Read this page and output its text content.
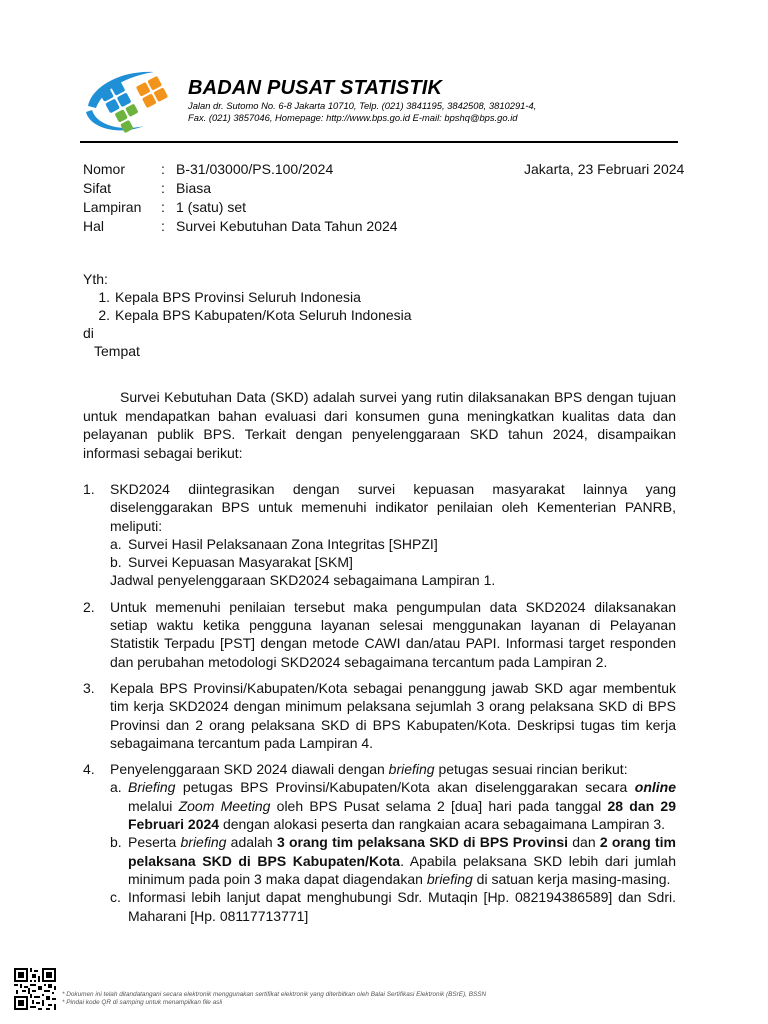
BADAN PUSAT STATISTIK
Jalan dr. Sutomo No. 6-8 Jakarta 10710, Telp. (021) 3841195, 3842508, 3810291-4,
Fax. (021) 3857046, Homepage: http://www.bps.go.id E-mail: bpshq@bps.go.id
Nomor	: B-31/03000/PS.100/2024
Sifat	: Biasa
Lampiran	: 1 (satu) set
Hal	: Survei Kebutuhan Data Tahun 2024
Jakarta, 23 Februari 2024
Yth:
1. Kepala BPS Provinsi Seluruh Indonesia
2. Kepala BPS Kabupaten/Kota Seluruh Indonesia
di
Tempat
Survei Kebutuhan Data (SKD) adalah survei yang rutin dilaksanakan BPS dengan tujuan untuk mendapatkan bahan evaluasi dari konsumen guna meningkatkan kualitas data dan pelayanan publik BPS. Terkait dengan penyelenggaraan SKD tahun 2024, disampaikan informasi sebagai berikut:
1.	SKD2024 diintegrasikan dengan survei kepuasan masyarakat lainnya yang diselenggarakan BPS untuk memenuhi indikator penilaian oleh Kementerian PANRB, meliputi:
a. Survei Hasil Pelaksanaan Zona Integritas [SHPZI]
b. Survei Kepuasan Masyarakat [SKM]
Jadwal penyelenggaraan SKD2024 sebagaimana Lampiran 1.
2.	Untuk memenuhi penilaian tersebut maka pengumpulan data SKD2024 dilaksanakan setiap waktu ketika pengguna layanan selesai menggunakan layanan di Pelayanan Statistik Terpadu [PST] dengan metode CAWI dan/atau PAPI. Informasi target responden dan perubahan metodologi SKD2024 sebagaimana tercantum pada Lampiran 2.
3.	Kepala BPS Provinsi/Kabupaten/Kota sebagai penanggung jawab SKD agar membentuk tim kerja SKD2024 dengan minimum pelaksana sejumlah 3 orang pelaksana SKD di BPS Provinsi dan 2 orang pelaksana SKD di BPS Kabupaten/Kota. Deskripsi tugas tim kerja sebagaimana tercantum pada Lampiran 4.
4.	Penyelenggaraan SKD 2024 diawali dengan briefing petugas sesuai rincian berikut:
a. Briefing petugas BPS Provinsi/Kabupaten/Kota akan diselenggarakan secara online melalui Zoom Meeting oleh BPS Pusat selama 2 [dua] hari pada tanggal 28 dan 29 Februari 2024 dengan alokasi peserta dan rangkaian acara sebagaimana Lampiran 3.
b. Peserta briefing adalah 3 orang tim pelaksana SKD di BPS Provinsi dan 2 orang tim pelaksana SKD di BPS Kabupaten/Kota. Apabila pelaksana SKD lebih dari jumlah minimum pada poin 3 maka dapat diagendakan briefing di satuan kerja masing-masing.
c. Informasi lebih lanjut dapat menghubungi Sdr. Mutaqin [Hp. 082194386589] dan Sdri. Maharani [Hp. 08117713771]
* Dokumen ini telah ditandatangani secara elektronik menggunakan sertifikat elektronik yang diterbitkan oleh Balai Sertifikasi Elektronik (BSrE), BSSN
* Pindai kode QR di samping untuk menampilkan file asli
